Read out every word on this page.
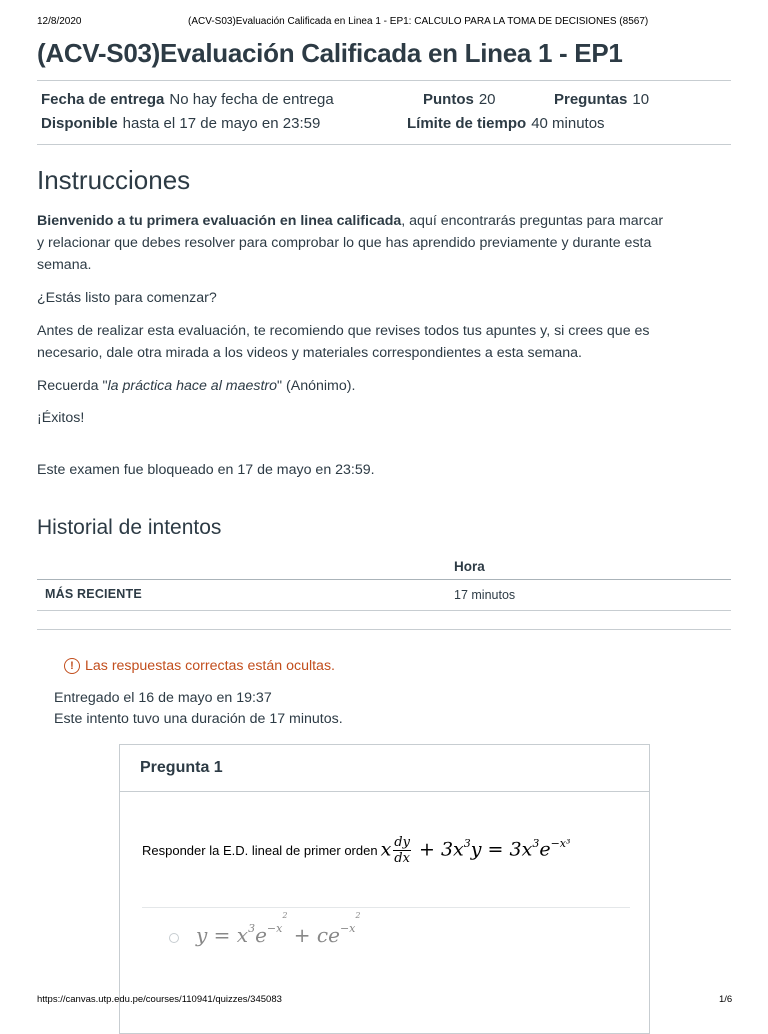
12/8/2020	(ACV-S03)Evaluación Calificada en Linea 1 - EP1: CALCULO PARA LA TOMA DE DECISIONES (8567)
(ACV-S03)Evaluación Calificada en Linea 1 - EP1
Fecha de entrega No hay fecha de entrega	Puntos 20	Preguntas 10
Disponible hasta el 17 de mayo en 23:59	Límite de tiempo 40 minutos
Instrucciones
Bienvenido a tu primera evaluación en linea calificada, aquí encontrarás preguntas para marcar
y relacionar que debes resolver para comprobar lo que has aprendido previamente y durante esta
semana.
¿Estás listo para comenzar?
Antes de realizar esta evaluación, te recomiendo que revises todos tus apuntes y, si crees que es
necesario, dale otra mirada a los videos y materiales correspondientes a esta semana.
Recuerda "la práctica hace al maestro" (Anónimo).
¡Éxitos!
Este examen fue bloqueado en 17 de mayo en 23:59.
Historial de intentos
Hora
MÁS RECIENTE	17 minutos
! Las respuestas correctas están ocultas.
Entregado el 16 de mayo en 19:37
Este intento tuvo una duración de 17 minutos.
Pregunta 1
Responder la E.D. lineal de primer orden x $\frac{dy}{dx} + 3x^3y = 3x^3e^{-x^3}$
$y = x^3e^{-x^2} + ce^{-x^2}$
https://canvas.utp.edu.pe/courses/110941/quizzes/345083	1/6
